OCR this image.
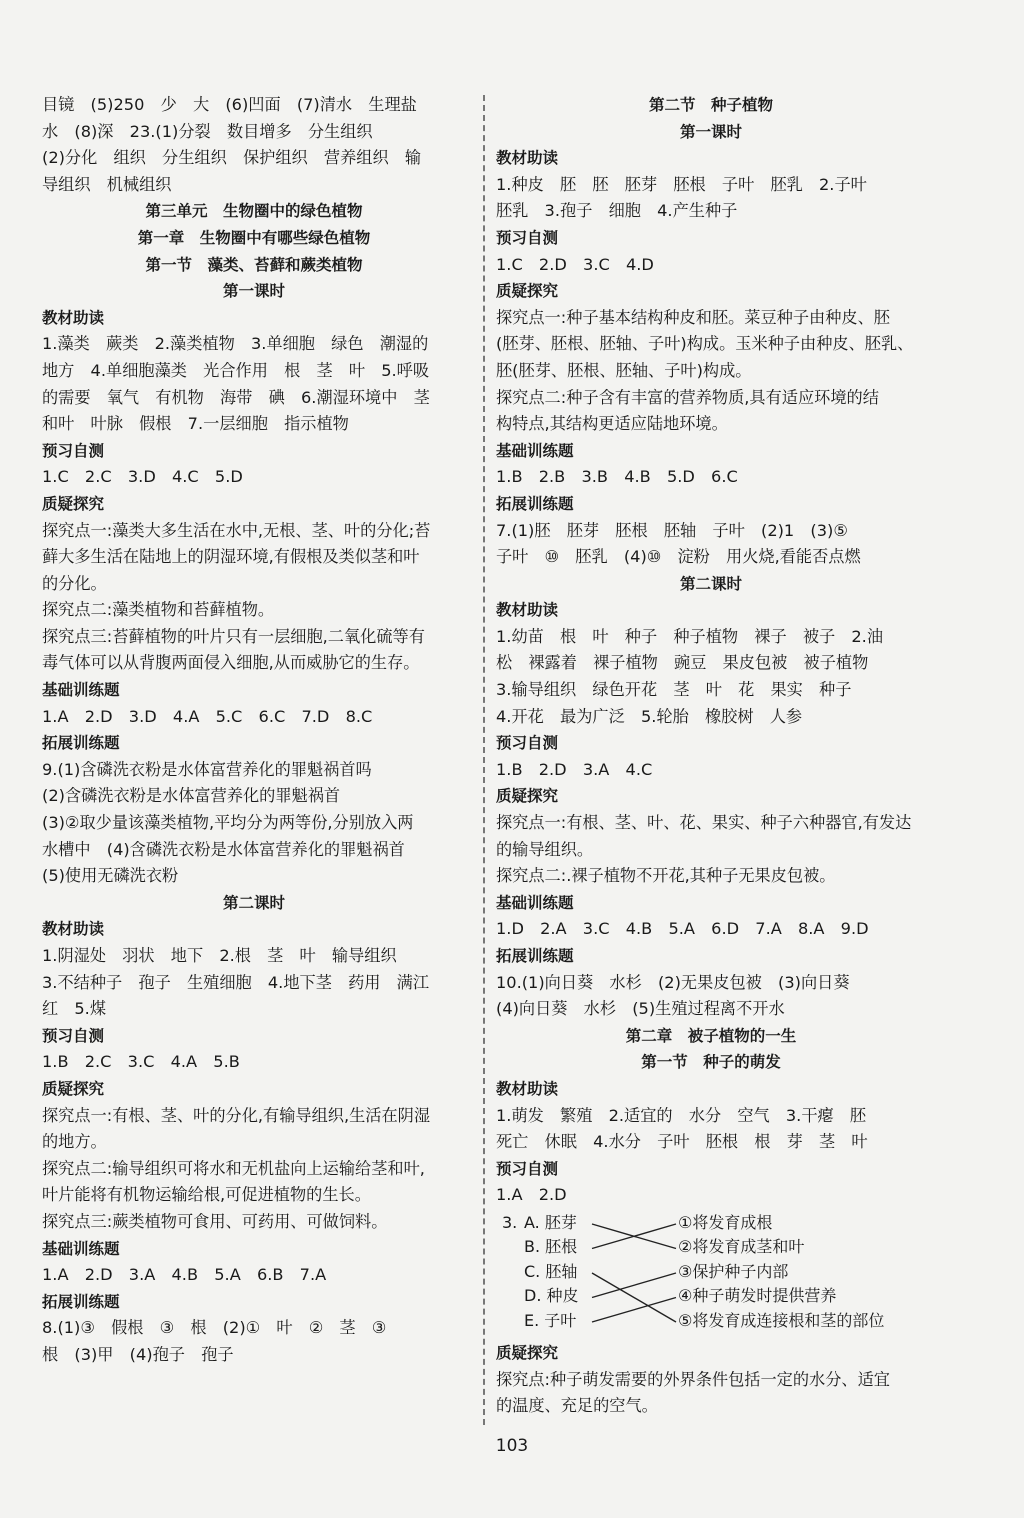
目镜　(5)250　少　大　(6)凹面　(7)清水　生理盐
水　(8)深　23.(1)分裂　数目增多　分生组织
(2)分化　组织　分生组织　保护组织　营养组织　输
导组织　机械组织
第三单元　生物圈中的绿色植物
第一章　生物圈中有哪些绿色植物
第一节　藻类、苔藓和蕨类植物
第一课时
教材助读
1.藻类　蕨类　2.藻类植物　3.单细胞　绿色　潮湿的
地方　4.单细胞藻类　光合作用　根　茎　叶　5.呼吸
的需要　氧气　有机物　海带　碘　6.潮湿环境中　茎
和叶　叶脉　假根　7.一层细胞　指示植物
预习自测
1.C　2.C　3.D　4.C　5.D
质疑探究
探究点一:藻类大多生活在水中,无根、茎、叶的分化;苔
藓大多生活在陆地上的阴湿环境,有假根及类似茎和叶
的分化。
探究点二:藻类植物和苔藓植物。
探究点三:苔藓植物的叶片只有一层细胞,二氧化硫等有
毒气体可以从背腹两面侵入细胞,从而威胁它的生存。
基础训练题
1.A　2.D　3.D　4.A　5.C　6.C　7.D　8.C
拓展训练题
9.(1)含磷洗衣粉是水体富营养化的罪魁祸首吗
(2)含磷洗衣粉是水体富营养化的罪魁祸首
(3)②取少量该藻类植物,平均分为两等份,分别放入两
水槽中　(4)含磷洗衣粉是水体富营养化的罪魁祸首
(5)使用无磷洗衣粉
第二课时
教材助读
1.阴湿处　羽状　地下　2.根　茎　叶　输导组织
3.不结种子　孢子　生殖细胞　4.地下茎　药用　满江
红　5.煤
预习自测
1.B　2.C　3.C　4.A　5.B
质疑探究
探究点一:有根、茎、叶的分化,有输导组织,生活在阴湿
的地方。
探究点二:输导组织可将水和无机盐向上运输给茎和叶,
叶片能将有机物运输给根,可促进植物的生长。
探究点三:蕨类植物可食用、可药用、可做饲料。
基础训练题
1.A　2.D　3.A　4.B　5.A　6.B　7.A
拓展训练题
8.(1)③　假根　③　根　(2)①　叶　②　茎　③
根　(3)甲　(4)孢子　孢子
第二节　种子植物
第一课时
教材助读
1.种皮　胚　胚　胚芽　胚根　子叶　胚乳　2.子叶
胚乳　3.孢子　细胞　4.产生种子
预习自测
1.C　2.D　3.C　4.D
质疑探究
探究点一:种子基本结构种皮和胚。菜豆种子由种皮、胚
(胚芽、胚根、胚轴、子叶)构成。玉米种子由种皮、胚乳、
胚(胚芽、胚根、胚轴、子叶)构成。
探究点二:种子含有丰富的营养物质,具有适应环境的结
构特点,其结构更适应陆地环境。
基础训练题
1.B　2.B　3.B　4.B　5.D　6.C
拓展训练题
7.(1)胚　胚芽　胚根　胚轴　子叶　(2)1　(3)⑤
子叶　⑩　胚乳　(4)⑩　淀粉　用火烧,看能否点燃
第二课时
教材助读
1.幼苗　根　叶　种子　种子植物　裸子　被子　2.油
松　裸露着　裸子植物　豌豆　果皮包被　被子植物
3.输导组织　绿色开花　茎　叶　花　果实　种子
4.开花　最为广泛　5.轮胎　橡胶树　人参
预习自测
1.B　2.D　3.A　4.C
质疑探究
探究点一:有根、茎、叶、花、果实、种子六种器官,有发达
的输导组织。
探究点二:.裸子植物不开花,其种子无果皮包被。
基础训练题
1.D　2.A　3.C　4.B　5.A　6.D　7.A　8.A　9.D
拓展训练题
10.(1)向日葵　水杉　(2)无果皮包被　(3)向日葵
(4)向日葵　水杉　(5)生殖过程离不开水
第二章　被子植物的一生
第一节　种子的萌发
教材助读
1.萌发　繁殖　2.适宜的　水分　空气　3.干瘪　胚
死亡　休眠　4.水分　子叶　胚根　根　芽　茎　叶
预习自测
1.A　2.D
3. A. 胚芽
B. 胚根
C. 胚轴
D. 种皮
E. 子叶
①将发育成根
②将发育成茎和叶
③保护种子内部
④种子萌发时提供营养
⑤将发育成连接根和茎的部位
质疑探究
探究点:种子萌发需要的外界条件包括一定的水分、适宜
的温度、充足的空气。
103
